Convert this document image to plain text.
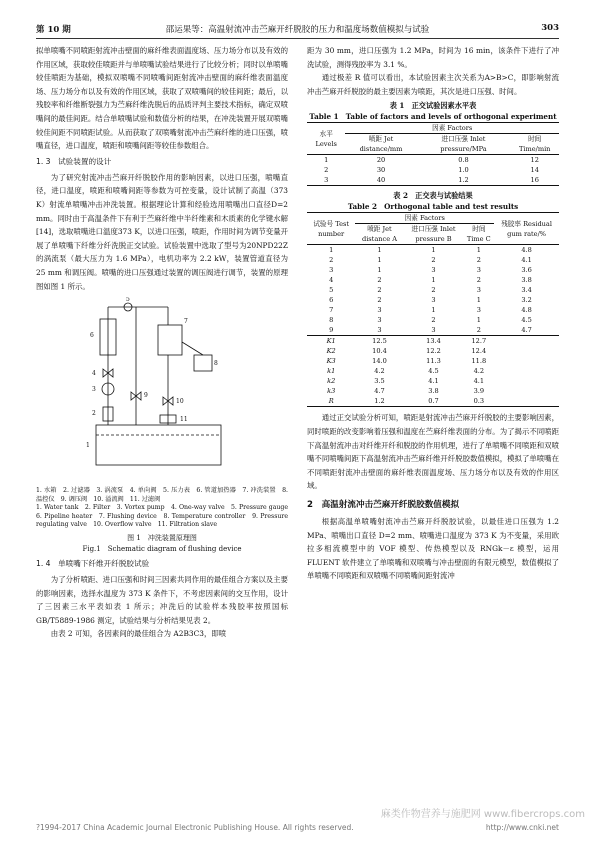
第 10 期	邵运果等：高温射流冲击苎麻开纤脱胶的压力和温度场数值模拟与试验	303

拟单喷嘴不同喷距射流冲击壁面的麻纤维表面温度场、压力场分布以及有效的作用区域，获取较佳喷距并与单喷嘴试验结果进行了比较分析；同时以单喷嘴较佳喷距为基础，模拟双喷嘴不同喷嘴间距射流冲击壁面的麻纤维表面温度场、压力场分布以及有效的作用区域，获取了双喷嘴间的较佳间距；最后，以残胶率和纤维断裂强力为苎麻纤维洗脱后的品质评判主要技术指标，确定双喷嘴间的最佳间距。结合单喷嘴试验和数值分析的结果，在冲洗装置开展双喷嘴较佳间距不同喷距试验。从而获取了双喷嘴射流冲击苎麻纤维的进口压强，喷嘴直径，进口温度，喷距和喷嘴间距等较佳参数组合。

1. 3　试验装置的设计

为了研究射流冲击苎麻开纤脱胶作用的影响因素，以进口压强，喷嘴直径，进口温度，喷距和喷嘴间距等参数为可控变量，设计试制了高温（373 K）射流单喷嘴冲击冲洗装置。根据理论计算和经验选用喷嘴出口直径D=2 mm。同时由于高温条件下有利于苎麻纤维中半纤维素和木质素的化学键水解[14]，选取喷嘴进口温度373 K，以进口压强，喷距，作用时间为调节变量开展了单喷嘴下纤维分纤洗脱正交试验。试验装置中选取了型号为20NPD22Z 的涡流泵（最大压力为 1.6 MPa），电机功率为 2.2 kW，装置管道直径为 25 mm 和调压阀。喷嘴的进口压强通过装置的调压阀进行调节，装置的原理图如图 1 所示。

1
2
3
4
5
6
7
8
9
10
11
1. 水箱　2. 过滤器　3. 涡流泵　4. 单向阀　5. 压力表　6. 管道加热器　7. 冲洗装置　8. 温控仪　9. 调压阀　10. 溢流阀　11. 过滤阀
1. Water tank　2. Filter　3. Vortex pump　4. One-way valve　5. Pressure gauge　6. Pipeline heater　7. Flushing device　8. Temperature controller　9. Pressure regulating valve　10. Overflow valve　11. Filtration slave
图 1　冲洗装置原理图
Fig.1　Schematic diagram of flushing device
1. 4　单喷嘴下纤维开纤脱胶试验

为了分析喷距、进口压强和时间三因素共同作用的最佳组合方案以及主要的影响因素，选择水温度为 373 K 条件下，不考虑因素间的交互作用，设计了三因素三水平表如表 1 所示；冲洗后的试验样本残胶率按照国标 GB/T5889-1986 测定，试验结果与分析结果见表 2。

由表 2 可知，各因素间的最佳组合为 A2B3C3，即喷

距为 30 mm，进口压强为 1.2 MPa，时间为 16 min，该条件下进行了冲洗试验，测得残胶率为 3.1 %。

通过极差 R 值可以看出，本试验因素主次关系为A>B>C，即影响射流冲击苎麻开纤脱胶的最主要因素为喷距，其次是进口压强、时间。

表 1　正交试验因素水平表
Table 1　Table of factors and levels of orthogonal experiment
水平 Levels	因素 Factors		
	喷距 Jet distance/mm	进口压强 Inlet pressure/MPa	时间 Time/min
1	20	0.8	12
2	30	1.0	14
3	40	1.2	16
表 2　正交表与试验结果
Table 2　Orthogonal table and test results
试验号 Test number	因素 Factors			残胶率 Residual gum rate/%
	喷距 Jet distance A	进口压强 Inlet pressure B	时间 Time C	
1	1	1	1	4.8
2	1	2	2	4.1
3	1	3	3	3.6
4	2	1	2	3.8
5	2	2	3	3.4
6	2	3	1	3.2
7	3	1	3	4.8
8	3	2	1	4.5
9	3	3	2	4.7
K1	12.5	13.4	12.7	
K2	10.4	12.2	12.4	
K3	14.0	11.3	11.8	
k1	4.2	4.5	4.2	
k2	3.5	4.1	4.1	
k3	4.7	3.8	3.9	
R	1.2	0.7	0.3	

通过正交试验分析可知，喷距是射流冲击苎麻开纤脱胶的主要影响因素，同时喷距的改变影响着压强和温度在苎麻纤维表面的分布。为了揭示不同喷距下高温射流冲击对纤维开纤和脱胶的作用机理，进行了单喷嘴不同喷距和双喷嘴不同喷嘴间距下高温射流冲击苎麻纤维开纤脱胶数值模拟，模拟了单喷嘴在不同喷距射流冲击壁面的麻纤维表面温度场、压力场分布以及有效的作用区域。

2　高温射流冲击苎麻开纤脱胶数值模拟

根据高温单喷嘴射流冲击苎麻开纤脱胶试验，以最佳进口压强为 1.2 MPa、喷嘴出口直径 D=2 mm、喷嘴进口温度为 373 K 为不变量，采用欧拉多相流模型中的 VOF 模型、传热模型以及 RNGk－ε 模型，运用 FLUENT 软件建立了单喷嘴和双喷嘴与冲击壁面的有限元模型，数值模拟了单喷嘴不同喷距和双喷嘴不同喷嘴间距射流冲

?1994-2017 China Academic Journal Electronic Publishing House. All rights reserved.	http://www.cnki.net
麻类作物营养与施肥网 www.fibercrops.com
